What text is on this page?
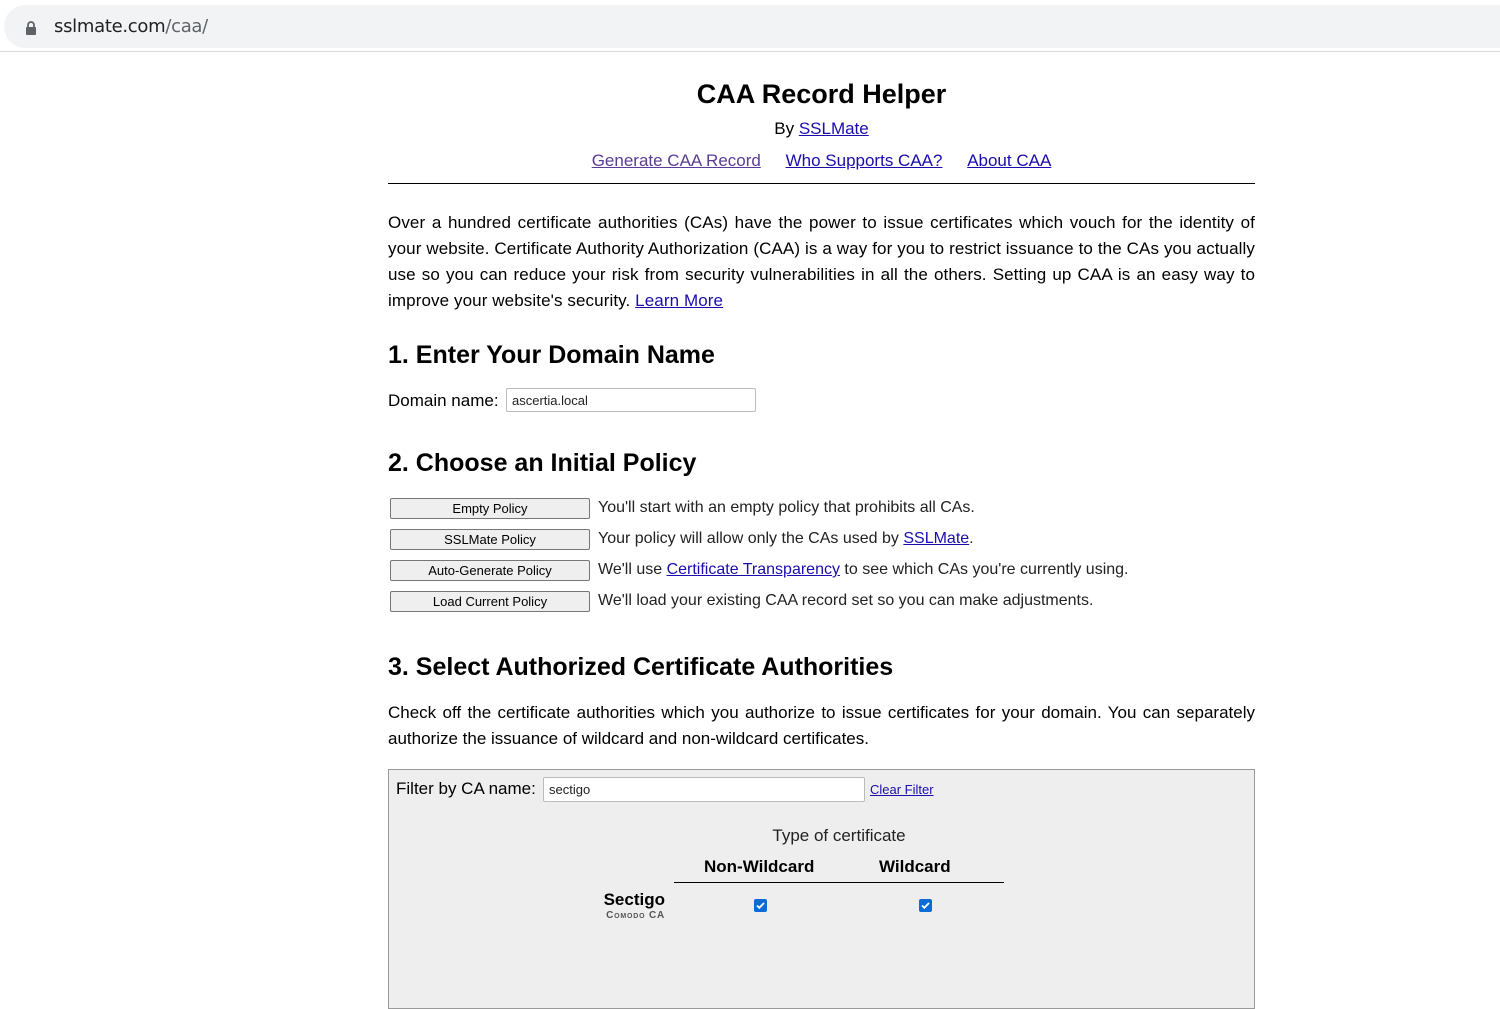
sslmate.com/caa/
CAA Record Helper
By SSLMate
Generate CAA Record Who Supports CAA? About CAA
Over a hundred certificate authorities (CAs) have the power to issue certificates which vouch for the identity of your website. Certificate Authority Authorization (CAA) is a way for you to restrict issuance to the CAs you actually use so you can reduce your risk from security vulnerabilities in all the others. Setting up CAA is an easy way to improve your website's security. Learn More
1. Enter Your Domain Name
Domain name:
ascertia.local
2. Choose an Initial Policy
Empty Policy	You'll start with an empty policy that prohibits all CAs.
SSLMate Policy	Your policy will allow only the CAs used by SSLMate.
Auto-Generate Policy	We'll use Certificate Transparency to see which CAs you're currently using.
Load Current Policy	We'll load your existing CAA record set so you can make adjustments.
3. Select Authorized Certificate Authorities
Check off the certificate authorities which you authorize to issue certificates for your domain. You can separately authorize the issuance of wildcard and non-wildcard certificates.
Filter by CA name:
sectigo	Clear Filter
Type of certificate
Non-Wildcard	Wildcard
Sectigo
Comodo CA
